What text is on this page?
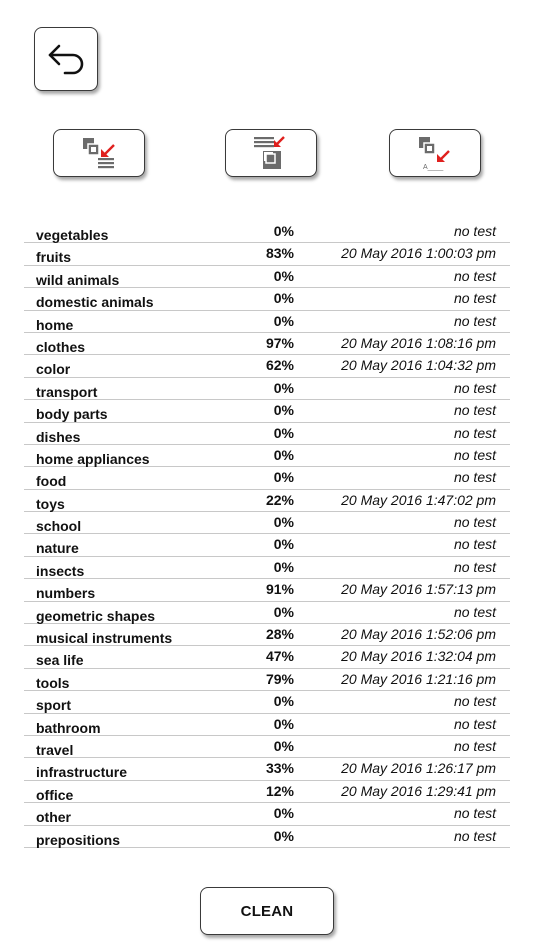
A____
vegetables	0%	no test
fruits	83%	20 May 2016 1:00:03 pm
wild animals	0%	no test
domestic animals	0%	no test
home	0%	no test
clothes	97%	20 May 2016 1:08:16 pm
color	62%	20 May 2016 1:04:32 pm
transport	0%	no test
body parts	0%	no test
dishes	0%	no test
home appliances	0%	no test
food	0%	no test
toys	22%	20 May 2016 1:47:02 pm
school	0%	no test
nature	0%	no test
insects	0%	no test
numbers	91%	20 May 2016 1:57:13 pm
geometric shapes	0%	no test
musical instruments	28%	20 May 2016 1:52:06 pm
sea life	47%	20 May 2016 1:32:04 pm
tools	79%	20 May 2016 1:21:16 pm
sport	0%	no test
bathroom	0%	no test
travel	0%	no test
infrastructure	33%	20 May 2016 1:26:17 pm
office	12%	20 May 2016 1:29:41 pm
other	0%	no test
prepositions	0%	no test
CLEAN
